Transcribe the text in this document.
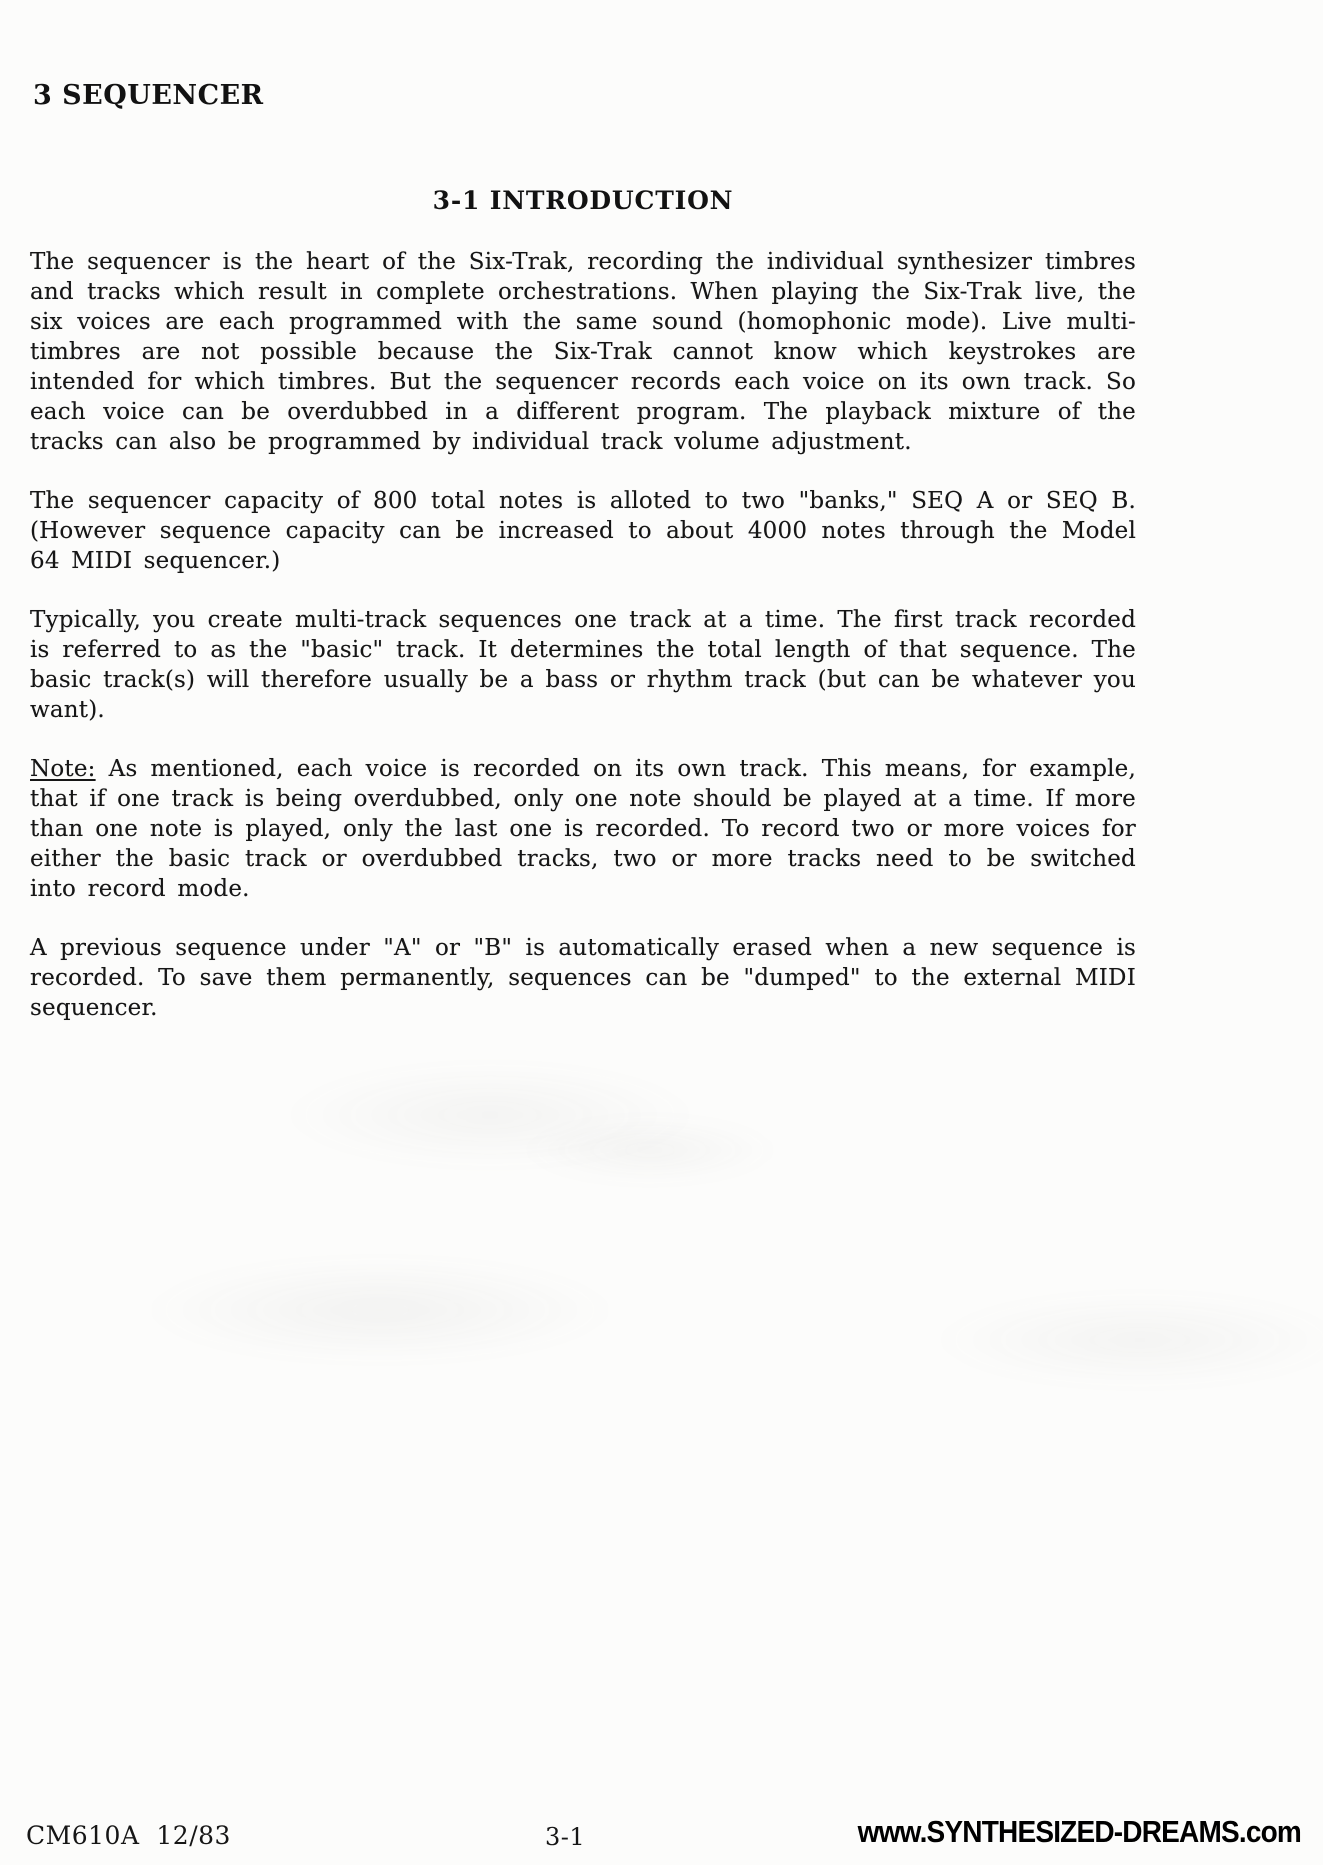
3 SEQUENCER
3-1 INTRODUCTION

The sequencer is the heart of the Six-Trak, recording the individual synthesizer timbres and tracks which result in complete orchestrations. When playing the Six-Trak live, the six voices are each programmed with the same sound (homophonic mode). Live multi-timbres are not possible because the Six-Trak cannot know which keystrokes are intended for which timbres. But the sequencer records each voice on its own track. So each voice can be overdubbed in a different program. The playback mixture of the tracks can also be programmed by individual track volume adjustment.

The sequencer capacity of 800 total notes is alloted to two "banks," SEQ A or SEQ B. (However sequence capacity can be increased to about 4000 notes through the Model 64 MIDI sequencer.)

Typically, you create multi-track sequences one track at a time. The first track recorded is referred to as the "basic" track. It determines the total length of that sequence. The basic track(s) will therefore usually be a bass or rhythm track (but can be whatever you want).

Note: As mentioned, each voice is recorded on its own track. This means, for example, that if one track is being overdubbed, only one note should be played at a time. If more than one note is played, only the last one is recorded. To record two or more voices for either the basic track or overdubbed tracks, two or more tracks need to be switched into record mode.

A previous sequence under "A" or "B" is automatically erased when a new sequence is recorded. To save them permanently, sequences can be "dumped" to the external MIDI sequencer.

CM610A  12/83	3-1	www.SYNTHESIZED-DREAMS.com
